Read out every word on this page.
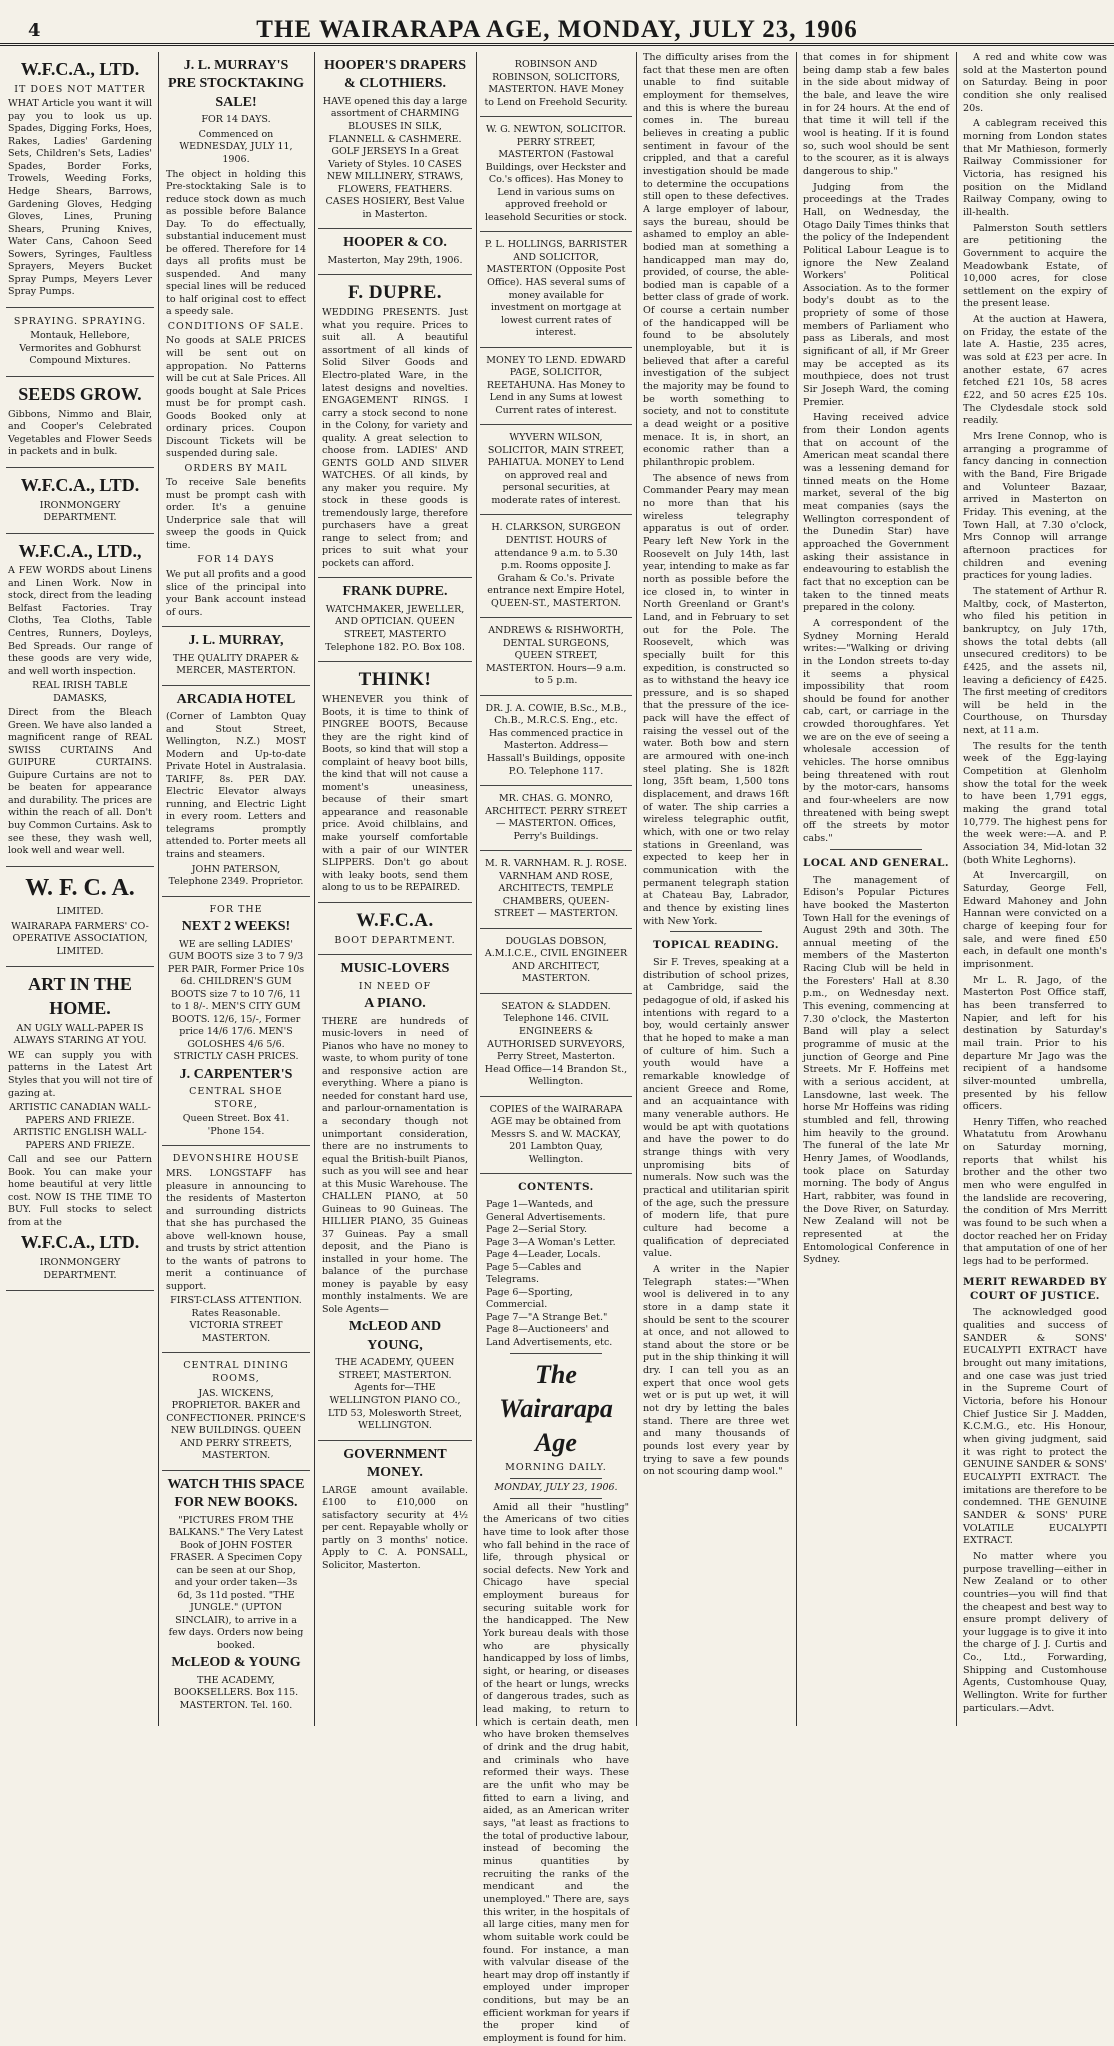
4	THE WAIRARAPA AGE, MONDAY, JULY 23, 1906
W.F.C.A., LTD.

IT DOES NOT MATTER

WHAT Article you want it will pay you to look us up. Spades, Digging Forks, Hoes, Rakes, Ladies' Gardening Sets, Children's Sets, Ladies' Spades, Border Forks, Trowels, Weeding Forks, Hedge Shears, Barrows, Gardening Gloves, Hedging Gloves, Lines, Pruning Shears, Pruning Knives, Water Cans, Cahoon Seed Sowers, Syringes, Faultless Sprayers, Meyers Bucket Spray Pumps, Meyers Lever Spray Pumps.

SPRAYING. SPRAYING.

Montauk, Hellebore, Vermorites and Gobhurst Compound Mixtures.

SEEDS GROW.

Gibbons, Nimmo and Blair, and Cooper's Celebrated Vegetables and Flower Seeds in packets and in bulk.

W.F.C.A., LTD.

IRONMONGERY DEPARTMENT.

W.F.C.A., LTD.,

A FEW WORDS about Linens and Linen Work. Now in stock, direct from the leading Belfast Factories. Tray Cloths, Tea Cloths, Table Centres, Runners, Doyleys, Bed Spreads. Our range of these goods are very wide, and well worth inspection.

REAL IRISH TABLE DAMASKS,

Direct from the Bleach Green. We have also landed a magnificent range of REAL SWISS CURTAINS And GUIPURE CURTAINS. Guipure Curtains are not to be beaten for appearance and durability. The prices are within the reach of all. Don't buy Common Curtains. Ask to see these, they wash well, look well and wear well.

W. F. C. A.

LIMITED.

WAIRARAPA FARMERS' CO-OPERATIVE ASSOCIATION, LIMITED.

ART IN THE HOME.

AN UGLY WALL-PAPER IS ALWAYS STARING AT YOU.

WE can supply you with patterns in the Latest Art Styles that you will not tire of gazing at.

ARTISTIC CANADIAN WALL-PAPERS AND FRIEZE. ARTISTIC ENGLISH WALL-PAPERS AND FRIEZE.

Call and see our Pattern Book. You can make your home beautiful at very little cost. NOW IS THE TIME TO BUY. Full stocks to select from at the

W.F.C.A., LTD.

IRONMONGERY DEPARTMENT.

J. L. MURRAY'S
PRE STOCKTAKING SALE!

FOR 14 DAYS.

Commenced on WEDNESDAY, JULY 11, 1906.

The object in holding this Pre-stocktaking Sale is to reduce stock down as much as possible before Balance Day. To do effectually, substantial inducement must be offered. Therefore for 14 days all profits must be suspended. And many special lines will be reduced to half original cost to effect a speedy sale.

CONDITIONS OF SALE.

No goods at SALE PRICES will be sent out on appropation. No Patterns will be cut at Sale Prices. All goods bought at Sale Prices must be for prompt cash. Goods Booked only at ordinary prices. Coupon Discount Tickets will be suspended during sale.

ORDERS BY MAIL

To receive Sale benefits must be prompt cash with order. It's a genuine Underprice sale that will sweep the goods in Quick time.

FOR 14 DAYS

We put all profits and a good slice of the principal into your Bank account instead of ours.

J. L. MURRAY,

THE QUALITY DRAPER & MERCER, MASTERTON.

ARCADIA HOTEL

(Corner of Lambton Quay and Stout Street, Wellington, N.Z.) MOST Modern and Up-to-date Private Hotel in Australasia. TARIFF, 8s. PER DAY. Electric Elevator always running, and Electric Light in every room. Letters and telegrams promptly attended to. Porter meets all trains and steamers.

JOHN PATERSON, Telephone 2349. Proprietor.

FOR THE

NEXT 2 WEEKS!

WE are selling LADIES' GUM BOOTS size 3 to 7 9/3 PER PAIR, Former Price 10s 6d. CHILDREN'S GUM BOOTS size 7 to 10 7/6, 11 to 1 8/-. MEN'S CITY GUM BOOTS. 12/6, 15/-, Former price 14/6 17/6. MEN'S GOLOSHES 4/6 5/6. STRICTLY CASH PRICES.

J. CARPENTER'S

CENTRAL SHOE STORE,

Queen Street. Box 41. 'Phone 154.

DEVONSHIRE HOUSE

MRS. LONGSTAFF has pleasure in announcing to the residents of Masterton and surrounding districts that she has purchased the above well-known house, and trusts by strict attention to the wants of patrons to merit a continuance of support.

FIRST-CLASS ATTENTION. Rates Reasonable. VICTORIA STREET MASTERTON.

CENTRAL DINING ROOMS,

JAS. WICKENS, PROPRIETOR. BAKER and CONFECTIONER. PRINCE'S NEW BUILDINGS. QUEEN AND PERRY STREETS, MASTERTON.

WATCH THIS SPACE FOR NEW BOOKS.

"PICTURES FROM THE BALKANS." The Very Latest Book of JOHN FOSTER FRASER. A Specimen Copy can be seen at our Shop, and your order taken—3s 6d, 3s 11d posted. "THE JUNGLE." (UPTON SINCLAIR), to arrive in a few days. Orders now being booked.

McLEOD & YOUNG

THE ACADEMY, BOOKSELLERS. Box 115. MASTERTON. Tel. 160.

HOOPER'S DRAPERS & CLOTHIERS.

HAVE opened this day a large assortment of CHARMING BLOUSES IN SILK, FLANNELL & CASHMERE. GOLF JERSEYS In a Great Variety of Styles. 10 CASES NEW MILLINERY, STRAWS, FLOWERS, FEATHERS. CASES HOSIERY, Best Value in Masterton.

HOOPER & CO.

Masterton, May 29th, 1906.

F. DUPRE.

WEDDING PRESENTS. Just what you require. Prices to suit all. A beautiful assortment of all kinds of Solid Silver Goods and Electro-plated Ware, in the latest designs and novelties. ENGAGEMENT RINGS. I carry a stock second to none in the Colony, for variety and quality. A great selection to choose from. LADIES' AND GENTS GOLD AND SILVER WATCHES. Of all kinds, by any maker you require. My stock in these goods is tremendously large, therefore purchasers have a great range to select from; and prices to suit what your pockets can afford.

FRANK DUPRE.

WATCHMAKER, JEWELLER, AND OPTICIAN. QUEEN STREET, MASTERTO Telephone 182. P.O. Box 108.

THINK!

WHENEVER you think of Boots, it is time to think of PINGREE BOOTS, Because they are the right kind of Boots, so kind that will stop a complaint of heavy boot bills, the kind that will not cause a moment's uneasiness, because of their smart appearance and reasonable price. Avoid chilblains, and make yourself comfortable with a pair of our WINTER SLIPPERS. Don't go about with leaky boots, send them along to us to be REPAIRED.

W.F.C.A.

BOOT DEPARTMENT.

MUSIC-LOVERS

IN NEED OF

A PIANO.

THERE are hundreds of music-lovers in need of Pianos who have no money to waste, to whom purity of tone and responsive action are everything. Where a piano is needed for constant hard use, and parlour-ornamentation is a secondary though not unimportant consideration, there are no instruments to equal the British-built Pianos, such as you will see and hear at this Music Warehouse. The CHALLEN PIANO, at 50 Guineas to 90 Guineas. The HILLIER PIANO, 35 Guineas 37 Guineas. Pay a small deposit, and the Piano is installed in your home. The balance of the purchase money is payable by easy monthly instalments. We are Sole Agents—

McLEOD AND YOUNG,

THE ACADEMY, QUEEN STREET, MASTERTON. Agents for—THE WELLINGTON PIANO CO., LTD 53, Molesworth Street, WELLINGTON.

GOVERNMENT MONEY.

LARGE amount available. £100 to £10,000 on satisfactory security at 4½ per cent. Repayable wholly or partly on 3 months' notice. Apply to C. A. PONSALL, Solicitor, Masterton.

ROBINSON AND ROBINSON, SOLICITORS, MASTERTON. HAVE Money to Lend on Freehold Security.

W. G. NEWTON, SOLICITOR. PERRY STREET, MASTERTON (Fastowal Buildings, over Heckster and Co.'s offices). Has Money to Lend in various sums on approved freehold or leasehold Securities or stock.

P. L. HOLLINGS, BARRISTER AND SOLICITOR, MASTERTON (Opposite Post Office). HAS several sums of money available for investment on mortgage at lowest current rates of interest.

MONEY TO LEND. EDWARD PAGE, SOLICITOR, REETAHUNA. Has Money to Lend in any Sums at lowest Current rates of interest.

WYVERN WILSON, SOLICITOR, MAIN STREET, PAHIATUA. MONEY to Lend on approved real and personal securities, at moderate rates of interest.

H. CLARKSON, SURGEON DENTIST. HOURS of attendance 9 a.m. to 5.30 p.m. Rooms opposite J. Graham & Co.'s. Private entrance next Empire Hotel, QUEEN-ST., MASTERTON.

ANDREWS & RISHWORTH, DENTAL SURGEONS, QUEEN STREET, MASTERTON. Hours—9 a.m. to 5 p.m.

DR. J. A. COWIE, B.Sc., M.B., Ch.B., M.R.C.S. Eng., etc. Has commenced practice in Masterton. Address—Hassall's Buildings, opposite P.O. Telephone 117.

MR. CHAS. G. MONRO, ARCHITECT. PERRY STREET — MASTERTON. Offices, Perry's Buildings.

M. R. VARNHAM. R. J. ROSE. VARNHAM AND ROSE, ARCHITECTS, TEMPLE CHAMBERS, QUEEN-STREET — MASTERTON.

DOUGLAS DOBSON, A.M.I.C.E., CIVIL ENGINEER AND ARCHITECT, MASTERTON.

SEATON & SLADDEN. Telephone 146. CIVIL ENGINEERS & AUTHORISED SURVEYORS, Perry Street, Masterton. Head Office—14 Brandon St., Wellington.

COPIES of the WAIRARAPA AGE may be obtained from Messrs S. and W. MACKAY, 201 Lambton Quay, Wellington.

CONTENTS.
Page 1—Wanteds, and General Advertisements.
Page 2—Serial Story.
Page 3—A Woman's Letter.
Page 4—Leader, Locals.
Page 5—Cables and Telegrams.
Page 6—Sporting, Commercial.
Page 7—"A Strange Bet."
Page 8—Auctioneers' and Land Advertisements, etc.
The Wairarapa Age
MORNING DAILY.
MONDAY, JULY 23, 1906.

Amid all their "hustling" the Americans of two cities have time to look after those who fall behind in the race of life, through physical or social defects. New York and Chicago have special employment bureaus for securing suitable work for the handicapped. The New York bureau deals with those who are physically handicapped by loss of limbs, sight, or hearing, or diseases of the heart or lungs, wrecks of dangerous trades, such as lead making, to return to which is certain death, men who have broken themselves of drink and the drug habit, and criminals who have reformed their ways. These are the unfit who may be fitted to earn a living, and aided, as an American writer says, "at least as fractions to the total of productive labour, instead of becoming the minus quantities by recruiting the ranks of the mendicant and the unemployed." There are, says this writer, in the hospitals of all large cities, many men for whom suitable work could be found. For instance, a man with valvular disease of the heart may drop off instantly if employed under improper conditions, but may be an efficient workman for years if the proper kind of employment is found for him.

The difficulty arises from the fact that these men are often unable to find suitable employment for themselves, and this is where the bureau comes in. The bureau believes in creating a public sentiment in favour of the crippled, and that a careful investigation should be made to determine the occupations still open to these defectives. A large employer of labour, says the bureau, should be ashamed to employ an able-bodied man at something a handicapped man may do, provided, of course, the able-bodied man is capable of a better class of grade of work. Of course a certain number of the handicapped will be found to be absolutely unemployable, but it is believed that after a careful investigation of the subject the majority may be found to be worth something to society, and not to constitute a dead weight or a positive menace. It is, in short, an economic rather than a philanthropic problem.

The absence of news from Commander Peary may mean no more than that his wireless telegraphy apparatus is out of order. Peary left New York in the Roosevelt on July 14th, last year, intending to make as far north as possible before the ice closed in, to winter in North Greenland or Grant's Land, and in February to set out for the Pole. The Roosevelt, which was specially built for this expedition, is constructed so as to withstand the heavy ice pressure, and is so shaped that the pressure of the ice-pack will have the effect of raising the vessel out of the water. Both bow and stern are armoured with one-inch steel plating. She is 182ft long, 35ft beam, 1,500 tons displacement, and draws 16ft of water. The ship carries a wireless telegraphic outfit, which, with one or two relay stations in Greenland, was expected to keep her in communication with the permanent telegraph station at Chateau Bay, Labrador, and thence by existing lines with New York.

TOPICAL READING.

Sir F. Treves, speaking at a distribution of school prizes, at Cambridge, said the pedagogue of old, if asked his intentions with regard to a boy, would certainly answer that he hoped to make a man of culture of him. Such a youth would have a remarkable knowledge of ancient Greece and Rome, and an acquaintance with many venerable authors. He would be apt with quotations and have the power to do strange things with very unpromising bits of numerals. Now such was the practical and utilitarian spirit of the age, such the pressure of modern life, that pure culture had become a qualification of depreciated value.

A writer in the Napier Telegraph states:—"When wool is delivered in to any store in a damp state it should be sent to the scourer at once, and not allowed to stand about the store or be put in the ship thinking it will dry. I can tell you as an expert that once wool gets wet or is put up wet, it will not dry by letting the bales stand. There are three wet and many thousands of pounds lost every year by trying to save a few pounds on not scouring damp wool."

that comes in for shipment being damp stab a few bales in the side about midway of the bale, and leave the wire in for 24 hours. At the end of that time it will tell if the wool is heating. If it is found so, such wool should be sent to the scourer, as it is always dangerous to ship."

Judging from the proceedings at the Trades Hall, on Wednesday, the Otago Daily Times thinks that the policy of the Independent Political Labour League is to ignore the New Zealand Workers' Political Association. As to the former body's doubt as to the propriety of some of those members of Parliament who pass as Liberals, and most significant of all, if Mr Greer may be accepted as its mouthpiece, does not trust Sir Joseph Ward, the coming Premier.

Having received advice from their London agents that on account of the American meat scandal there was a lessening demand for tinned meats on the Home market, several of the big meat companies (says the Wellington correspondent of the Dunedin Star) have approached the Government asking their assistance in endeavouring to establish the fact that no exception can be taken to the tinned meats prepared in the colony.

A correspondent of the Sydney Morning Herald writes:—"Walking or driving in the London streets to-day it seems a physical impossibility that room should be found for another cab, cart, or carriage in the crowded thoroughfares. Yet we are on the eve of seeing a wholesale accession of vehicles. The horse omnibus being threatened with rout by the motor-cars, hansoms and four-wheelers are now threatened with being swept off the streets by motor cabs."

LOCAL AND GENERAL.

The management of Edison's Popular Pictures have booked the Masterton Town Hall for the evenings of August 29th and 30th. The annual meeting of the members of the Masterton Racing Club will be held in the Foresters' Hall at 8.30 p.m., on Wednesday next. This evening, commencing at 7.30 o'clock, the Masterton Band will play a select programme of music at the junction of George and Pine Streets. Mr F. Hoffeins met with a serious accident, at Lansdowne, last week. The horse Mr Hoffeins was riding stumbled and fell, throwing him heavily to the ground. The funeral of the late Mr Henry James, of Woodlands, took place on Saturday morning. The body of Angus Hart, rabbiter, was found in the Dove River, on Saturday. New Zealand will not be represented at the Entomological Conference in Sydney.

A red and white cow was sold at the Masterton pound on Saturday. Being in poor condition she only realised 20s.

A cablegram received this morning from London states that Mr Mathieson, formerly Railway Commissioner for Victoria, has resigned his position on the Midland Railway Company, owing to ill-health.

Palmerston South settlers are petitioning the Government to acquire the Meadowbank Estate, of 10,000 acres, for close settlement on the expiry of the present lease.

At the auction at Hawera, on Friday, the estate of the late A. Hastie, 235 acres, was sold at £23 per acre. In another estate, 67 acres fetched £21 10s, 58 acres £22, and 50 acres £25 10s. The Clydesdale stock sold readily.

Mrs Irene Connop, who is arranging a programme of fancy dancing in connection with the Band, Fire Brigade and Volunteer Bazaar, arrived in Masterton on Friday. This evening, at the Town Hall, at 7.30 o'clock, Mrs Connop will arrange afternoon practices for children and evening practices for young ladies.

The statement of Arthur R. Maltby, cock, of Masterton, who filed his petition in bankruptcy, on July 17th, shows the total debts (all unsecured creditors) to be £425, and the assets nil, leaving a deficiency of £425. The first meeting of creditors will be held in the Courthouse, on Thursday next, at 11 a.m.

The results for the tenth week of the Egg-laying Competition at Glenholm show the total for the week to have been 1,791 eggs, making the grand total 10,779. The highest pens for the week were:—A. and P. Association 34, Mid-lotan 32 (both White Leghorns).

At Invercargill, on Saturday, George Fell, Edward Mahoney and John Hannan were convicted on a charge of keeping four for sale, and were fined £50 each, in default one month's imprisonment.

Mr L. R. Jago, of the Masterton Post Office staff, has been transferred to Napier, and left for his destination by Saturday's mail train. Prior to his departure Mr Jago was the recipient of a handsome silver-mounted umbrella, presented by his fellow officers.

Henry Tiffen, who reached Whatatutu from Arowhanu on Saturday morning, reports that whilst his brother and the other two men who were engulfed in the landslide are recovering, the condition of Mrs Merritt was found to be such when a doctor reached her on Friday that amputation of one of her legs had to be performed.

MERIT REWARDED BY COURT OF JUSTICE.

The acknowledged good qualities and success of SANDER & SONS' EUCALYPTI EXTRACT have brought out many imitations, and one case was just tried in the Supreme Court of Victoria, before his Honour Chief Justice Sir J. Madden, K.C.M.G., etc. His Honour, when giving judgment, said it was right to protect the GENUINE SANDER & SONS' EUCALYPTI EXTRACT. The imitations are therefore to be condemned. THE GENUINE SANDER & SONS' PURE VOLATILE EUCALYPTI EXTRACT.

No matter where you purpose travelling—either in New Zealand or to other countries—you will find that the cheapest and best way to ensure prompt delivery of your luggage is to give it into the charge of J. J. Curtis and Co., Ltd., Forwarding, Shipping and Customhouse Agents, Customhouse Quay, Wellington. Write for further particulars.—Advt.
